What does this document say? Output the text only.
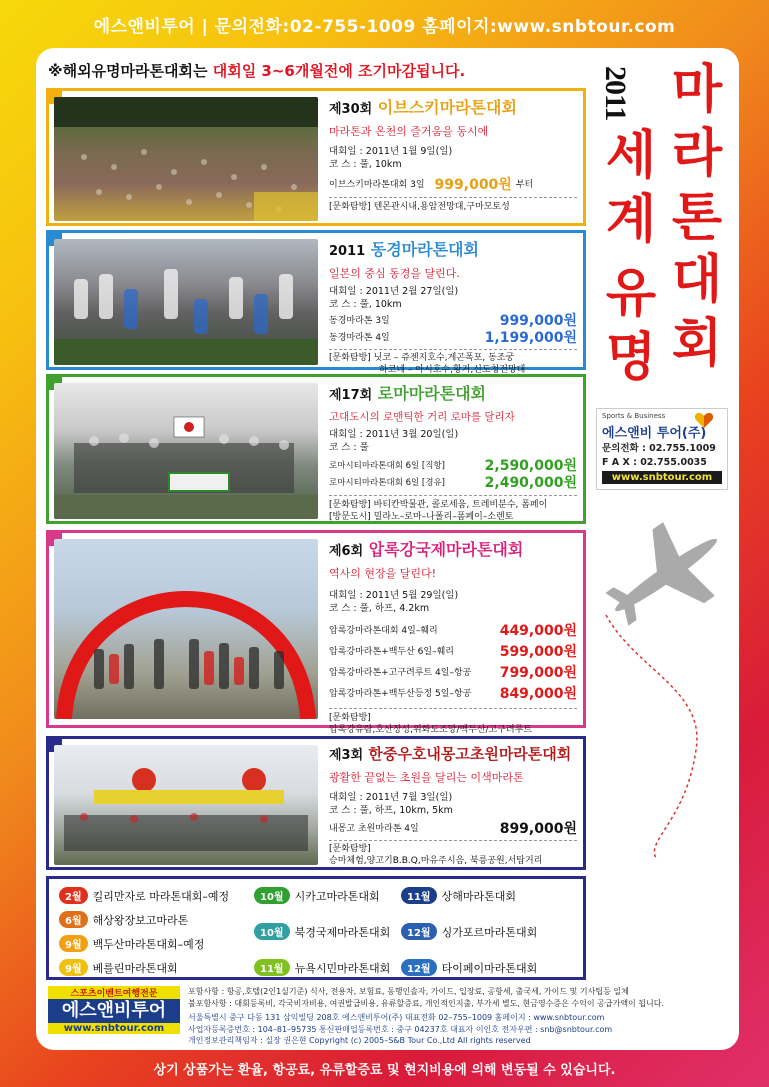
에스앤비투어 | 문의전화:02-755-1009 홈페이지:www.snbtour.com
※해외유명마라톤대회는 대회일 3~6개월전에 조기마감됩니다.	2011 마
라
톤
세
계
유
명
대
회
Sports & Business
에스앤비 투어(주)
문의전화 : 02.755.1009
F A X : 02.755.0035
www.snbtour.com
제30회 이브스키마라톤대회
마라톤과 온천의 즐거움을 동시에
대회일 : 2011년 1월 9일(일)
코 스 : 풀, 10km
이브스키마라톤대회 3일 999,000원 부터
[문화탐방] 텐몬관시내,용암전망대,구마모토성
2011 동경마라톤대회
일본의 중심 동경을 달린다.
대회일 : 2011년 2월 27일(일)
코 스 : 풀, 10km
동경마라톤 3일	999,000원
동경마라톤 4일	1,199,000원
[문화탐방] 닛코 – 쥬젠지호수,게곤폭포, 동조궁
하코네 – 아시호수,황거,신도청전망대
제17회 로마마라톤대회
고대도시의 로맨틱한 거리 로마를 달리자
대회일 : 2011년 3월 20일(일)
코 스 : 풀
로마시티마라톤대회 6일 [직항]	2,590,000원
로마시티마라톤대회 6일 [경유]	2,490,000원
[문화탐방] 바티칸박물관, 콜로세움, 트레비분수, 폼페이
[방문도시] 밀라노–로마–나폴리–폼페이–소렌토
제6회 압록강국제마라톤대회
역사의 현장을 달린다!
대회일 : 2011년 5월 29일(일)
코 스 : 풀, 하프, 4.2km
압록강마라톤대회 4일–훼리	449,000원
압록강마라톤+백두산 6일–훼리	599,000원
압록강마라톤+고구려루트 4일–항공 799,000원
압록강마라톤+백두산등정 5일–항공 849,000원
[문화탐방]
압록강유람,호산장성,위화도조망/백두산/고구려루트
제3회 한중우호내몽고초원마라톤대회
광활한 끝없는 초원을 달리는 이색마라톤
대회일 : 2011년 7월 3일(일)
코 스 : 풀, 하프, 10km, 5km
내몽고 초원마라톤 4일	899,000원
[문화탐방]
승마체험,양고기B.B.Q,마유주시음, 북릉공원,서탑거리
2월	킬리만자로 마라톤대회–예정
6월	해상왕장보고마라톤
9월	백두산마라톤대회–예정
9월	베를린마라톤대회
10월	시카고마라톤대회
10월	북경국제마라톤대회
11월	뉴욕시민마라톤대회
11월	상해마라톤대회
12월	싱가포르마라톤대회
12월	타이페이마라톤대회
스포츠이벤트여행전문
에스앤비투어
www.snbtour.com
포함사항 : 항공,호텔(2인1실기준) 식사, 전용차, 보험료, 동행인솔자, 가이드, 입장료, 공항세, 출국세, 가이드 및 기사팁등 일체
불포함사항 : 대회등록비, 각국비자비용, 여권발급비용, 유류할증료, 개인적인지출, 부가세 별도, 현금영수증은 수익이 공급가액이 됩니다.
서울특별시 중구 다동 131 삼익빌딩 208호 에스앤비투어(주) 대표전화 02–755–1009 홈페이지 : www.snbtour.com
사업자등록증번호 : 104–81–95735 통신판매업등록번호 : 중구 04237호 대표자 이인호 전자우편 : snb@snbtour.com
개인정보관리책임자 : 실장 권은현 Copyright (c) 2005–S&B Tour Co.,Ltd All rights reserved
상기 상품가는 환율, 항공료, 유류할증료 및 현지비용에 의해 변동될 수 있습니다.
